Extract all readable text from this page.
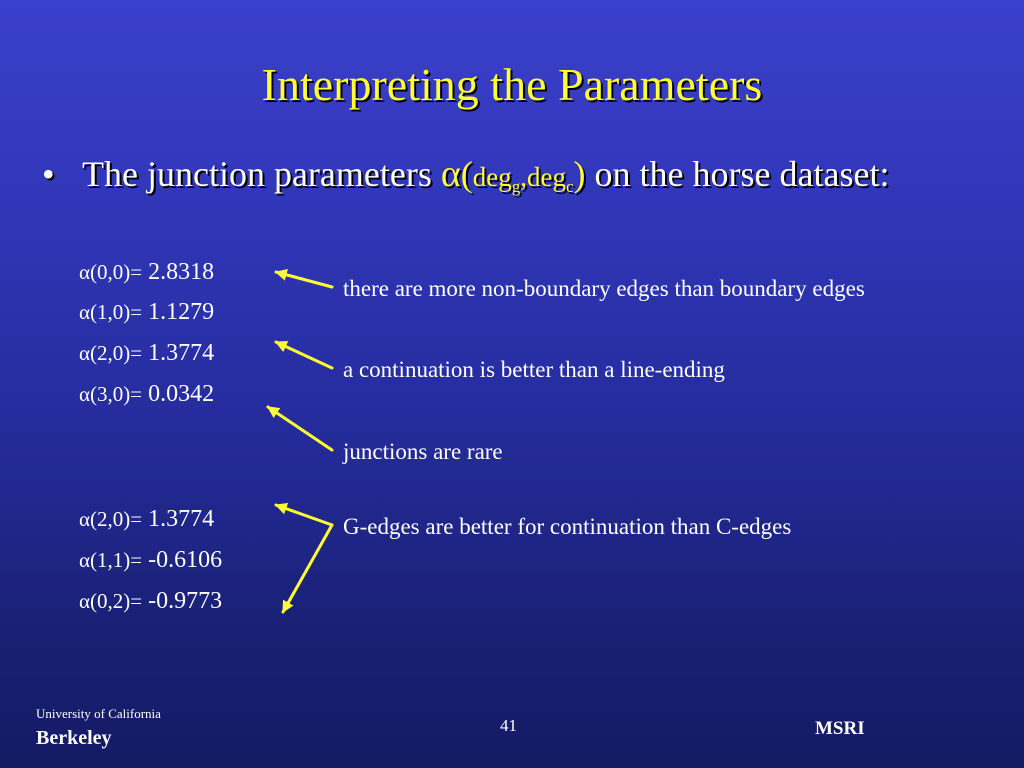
Interpreting the Parameters
• The junction parameters α(deg$_g$,deg$_c$) on the horse dataset:
α(0,0)= 2.8318
α(1,0)= 1.1279
α(2,0)= 1.3774
α(3,0)= 0.0342
α(2,0)= 1.3774
α(1,1)= -0.6106
α(0,2)= -0.9773
there are more non-boundary edges than boundary edges
a continuation is better than a line-ending
junctions are rare
G-edges are better for continuation than C-edges
University of California
Berkeley
41	MSRI
